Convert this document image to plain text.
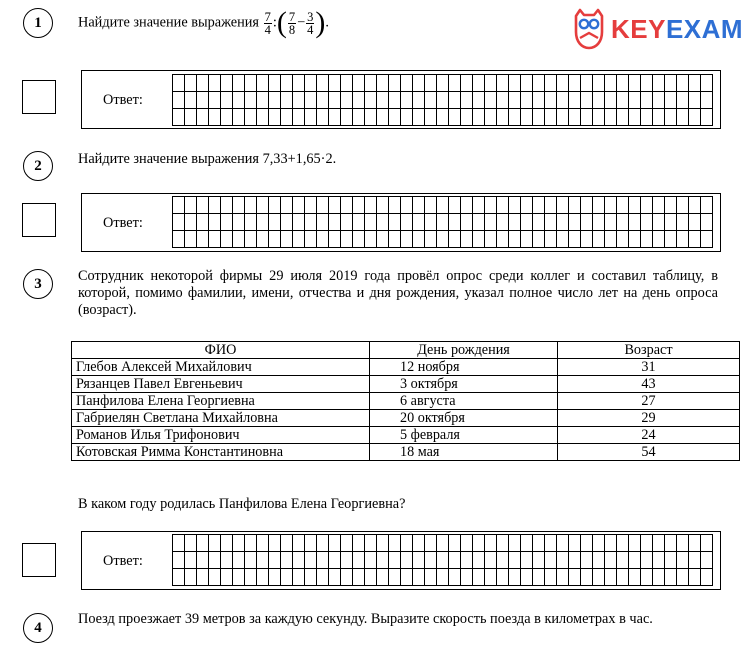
KEYEXAM
1	Найдите значение выражения $\frac{7}{4}$ :( $\frac{7}{8} - \frac{3}{4}$ ).
Ответ:

2	Найдите значение выражения 7,33+1,65·2.
Ответ:

3	Сотрудник некоторой фирмы 29 июля 2019 года провёл опрос среди коллег и составил таблицу, в которой, помимо фамилии, имени, отчества и дня рождения, указал полное число лет на день опроса (возраст).
ФИО	День рождения	Возраст
Глебов Алексей Михайлович	12 ноября	31
Рязанцев Павел Евгеньевич	3 октября	43
Панфилова Елена Георгиевна	6 августа	27
Габриелян Светлана Михайловна	20 октября	29
Романов Илья Трифонович	5 февраля	24
Котовская Римма Константиновна	18 мая	54
В каком году родилась Панфилова Елена Георгиевна?
Ответ:

4
Поезд проезжает 39 метров за каждую секунду. Выразите скорость поезда в километрах в час.
